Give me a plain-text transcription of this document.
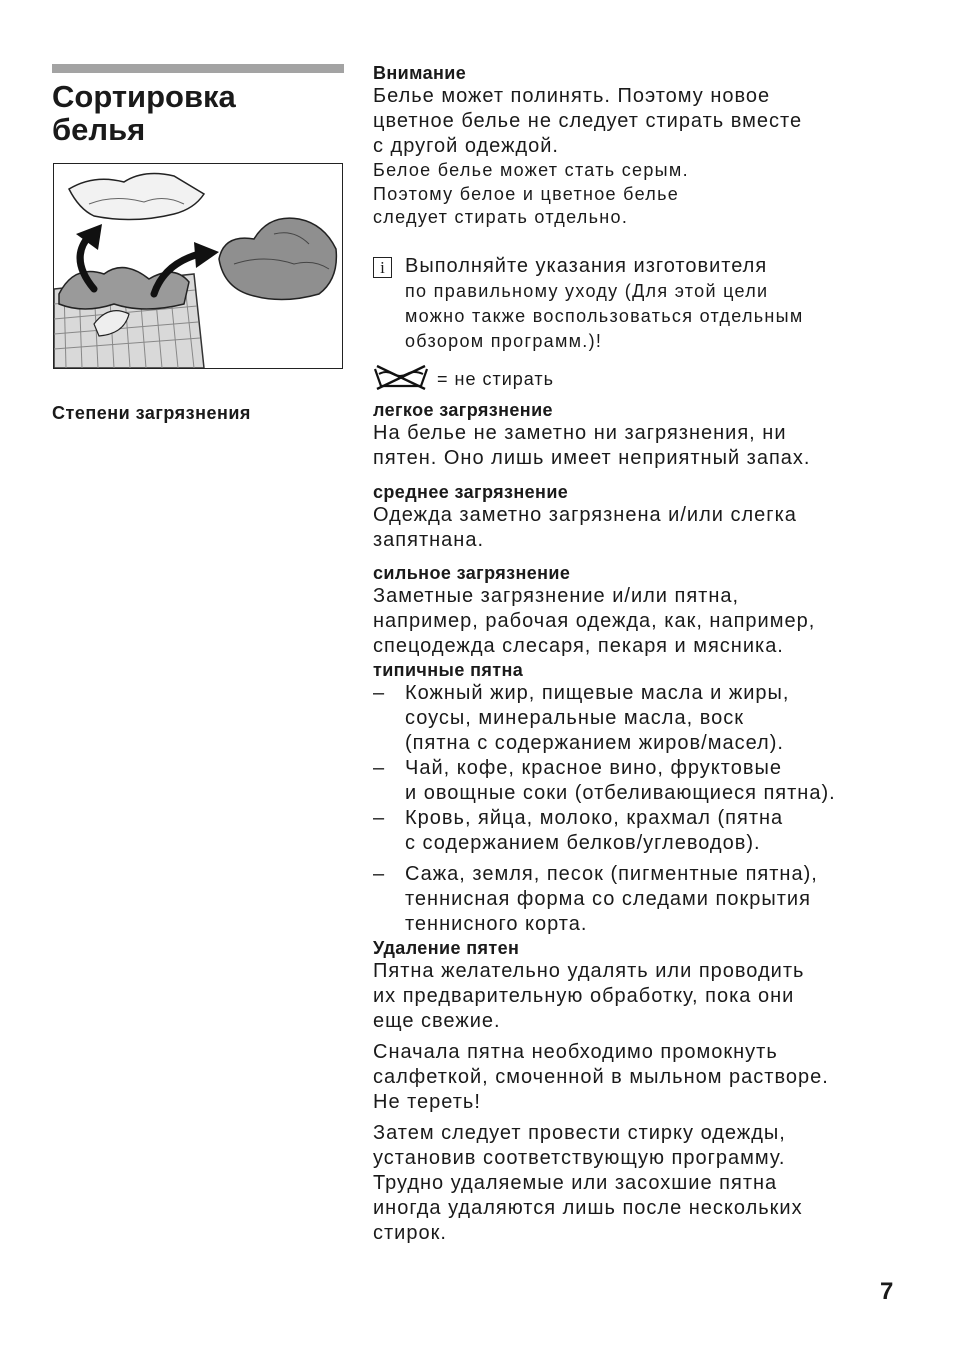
Сортировка
белья
Степени загрязнения
Внимание
Белье может полинять. Поэтому новое
цветное белье не следует стирать вместе
с другой одеждой.
Белое белье может стать серым.
Поэтому белое и цветное белье
следует стирать отдельно.
i	Выполняйте указания изготовителя
по правильному уходу (Для этой цели
можно также воспользоваться отдельным
обзором программ.)!
= не стирать
легкое загрязнение
На белье не заметно ни загрязнения, ни
пятен. Оно лишь имеет неприятный запах.
среднее загрязнение
Одежда заметно загрязнена и/или слегка
запятнана.
сильное загрязнение
Заметные загрязнение и/или пятна,
например, рабочая одежда, как, например,
спецодежда слесаря, пекаря и мясника.
типичные пятна
– Кожный жир, пищевые масла и жиры,
соусы, минеральные масла, воск
(пятна с содержанием жиров/масел).
– Чай, кофе, красное вино, фруктовые
и овощные соки (отбеливающиеся пятна).
– Кровь, яйца, молоко, крахмал (пятна
с содержанием белков/углеводов).
– Сажа, земля, песок (пигментные пятна),
теннисная форма со следами покрытия
теннисного корта.
Удаление пятен
Пятна желательно удалять или проводить
их предварительную обработку, пока они
еще свежие.
Сначала пятна необходимо промокнуть
салфеткой, смоченной в мыльном растворе.
Не тереть!
Затем следует провести стирку одежды,
установив соответствующую программу.
Трудно удаляемые или засохшие пятна
иногда удаляются лишь после нескольких
стирок.
7
